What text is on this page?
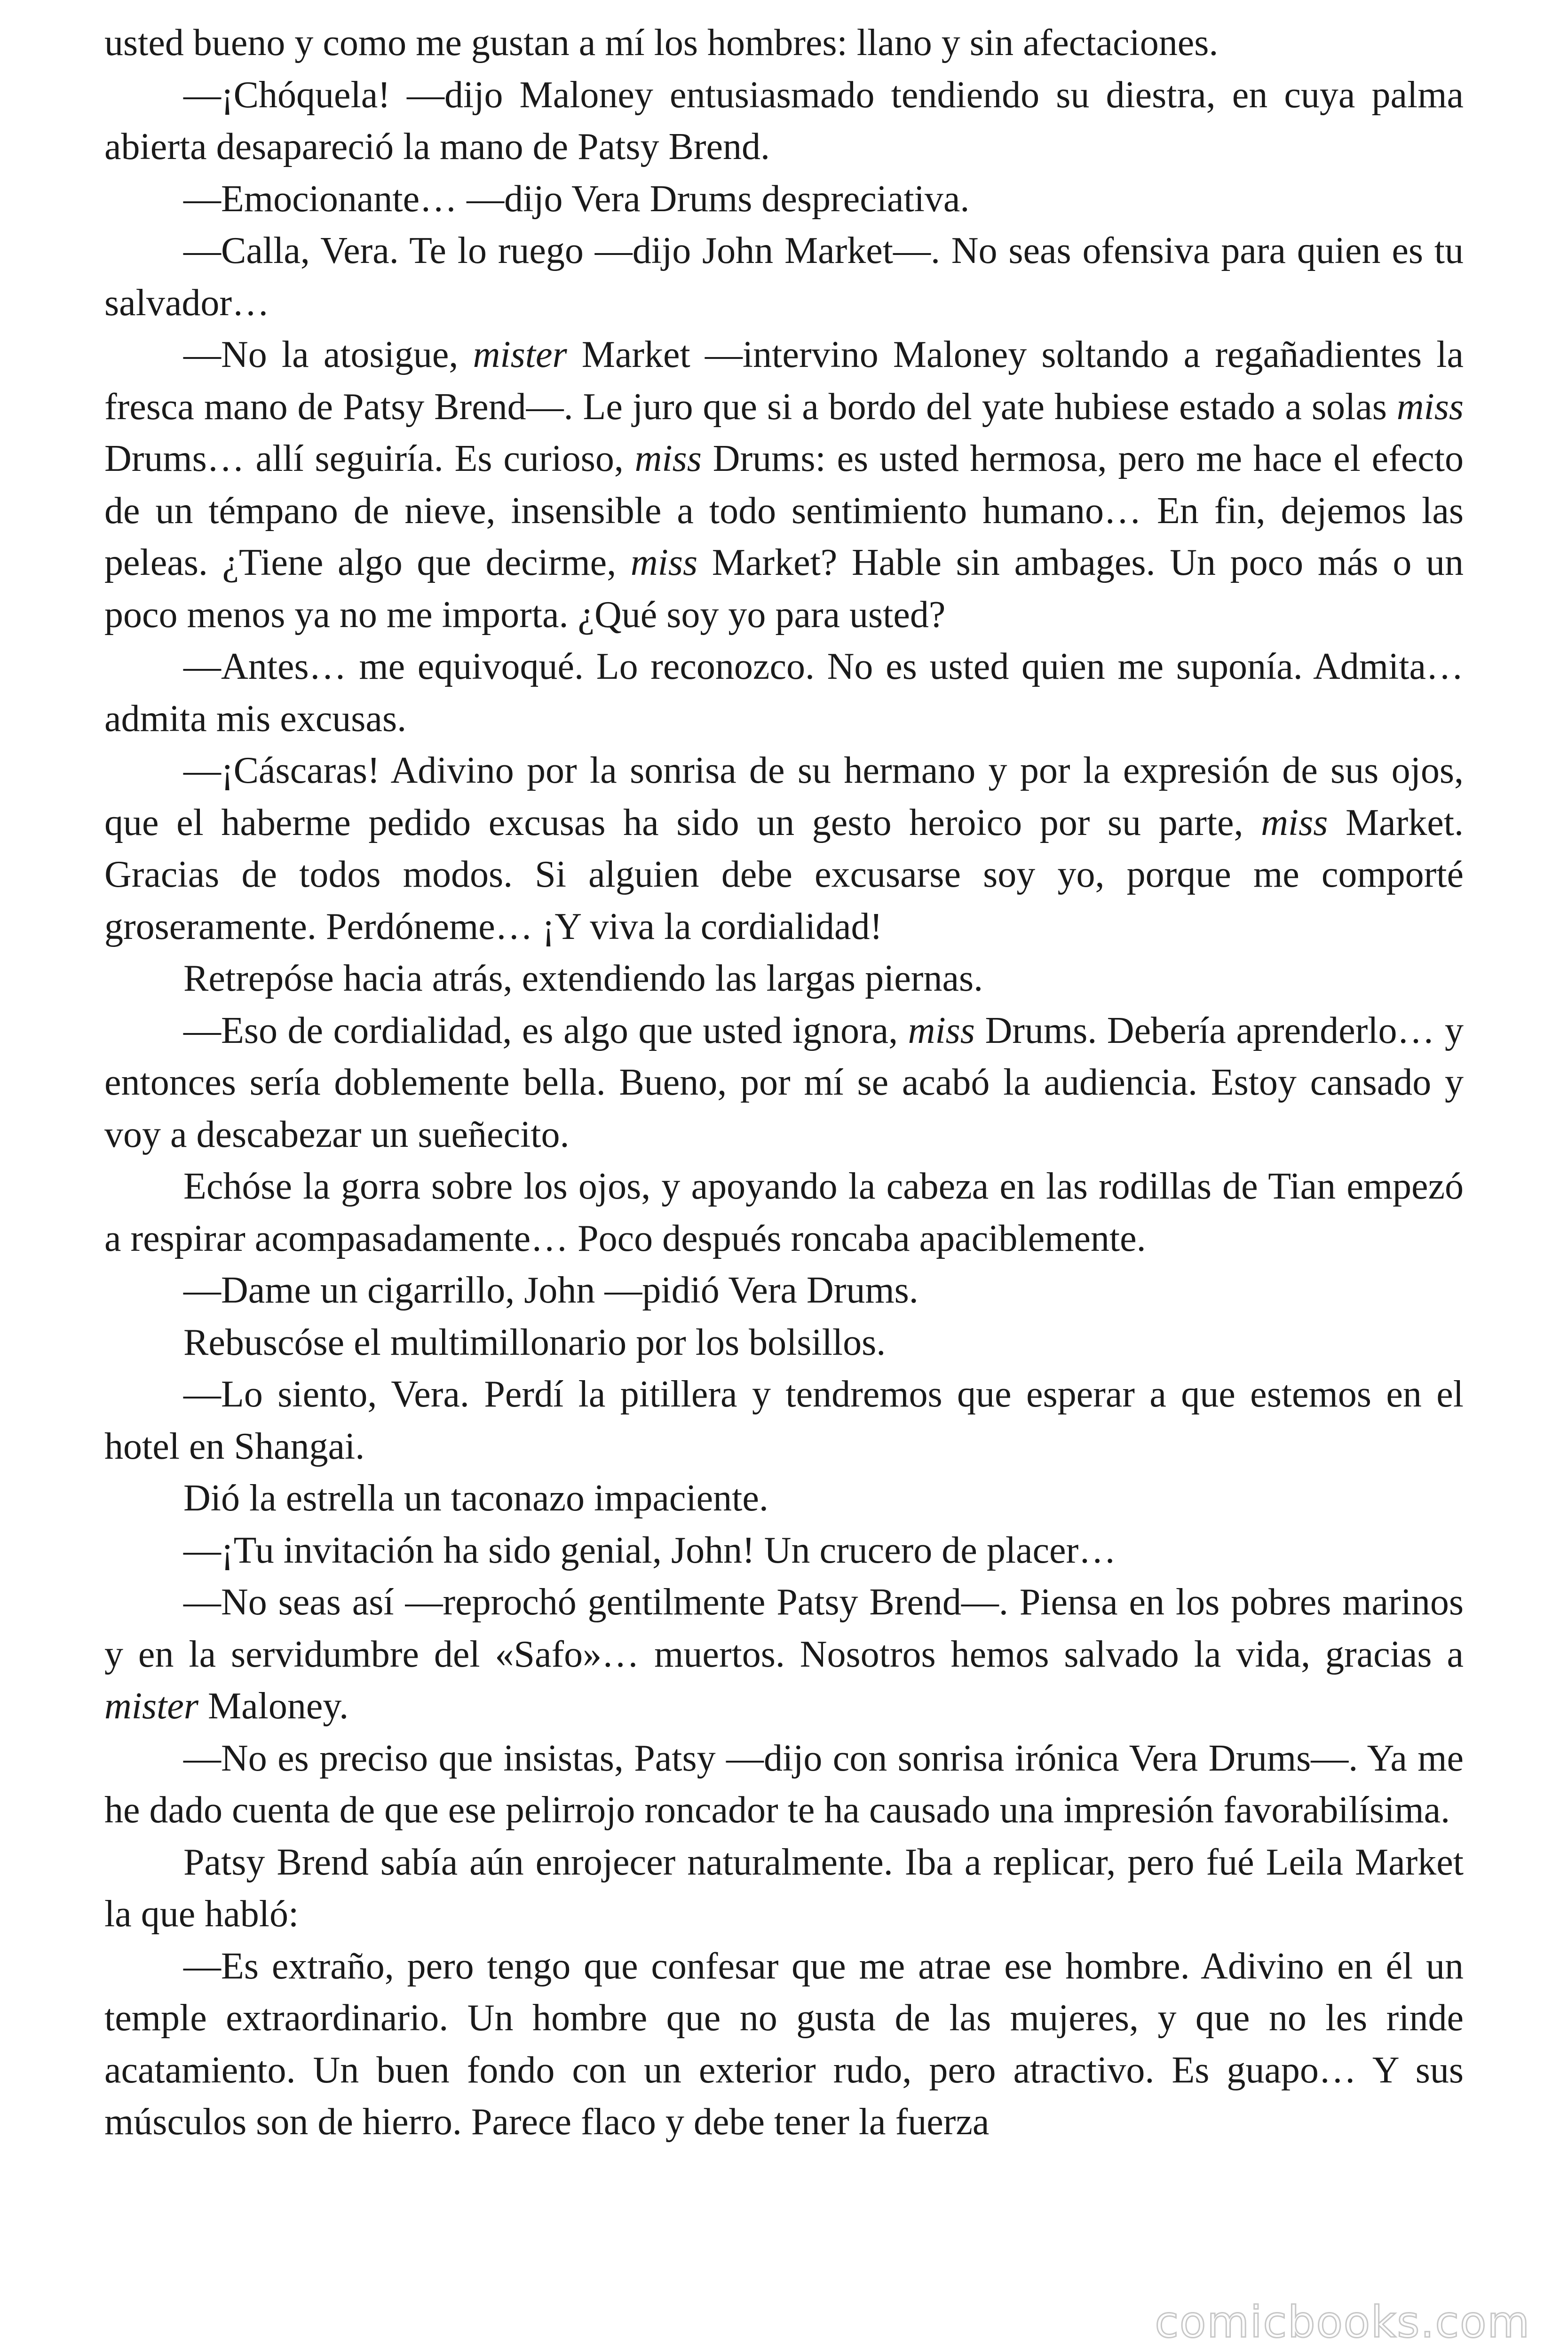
usted bueno y como me gustan a mí los hombres: llano y sin afectaciones.

—¡Chóquela! —dijo Maloney entusiasmado tendiendo su diestra, en cuya palma abierta desapareció la mano de Patsy Brend.

—Emocionante… —dijo Vera Drums despreciativa.

—Calla, Vera. Te lo ruego —dijo John Market—. No seas ofensiva para quien es tu salvador…

—No la atosigue, mister Market —intervino Maloney soltando a regañadientes la fresca mano de Patsy Brend—. Le juro que si a bordo del yate hubiese estado a solas miss Drums… allí seguiría. Es curioso, miss Drums: es usted hermosa, pero me hace el efecto de un témpano de nieve, insensible a todo sentimiento humano… En fin, dejemos las peleas. ¿Tiene algo que decirme, miss Market? Hable sin ambages. Un poco más o un poco menos ya no me importa. ¿Qué soy yo para usted?

—Antes… me equivoqué. Lo reconozco. No es usted quien me suponía. Admita… admita mis excusas.

—¡Cáscaras! Adivino por la sonrisa de su hermano y por la expresión de sus ojos, que el haberme pedido excusas ha sido un gesto heroico por su parte, miss Market. Gracias de todos modos. Si alguien debe excusarse soy yo, porque me comporté groseramente. Perdóneme… ¡Y viva la cordialidad!

Retrepóse hacia atrás, extendiendo las largas piernas.

—Eso de cordialidad, es algo que usted ignora, miss Drums. Debería aprenderlo… y entonces sería doblemente bella. Bueno, por mí se acabó la audiencia. Estoy cansado y voy a descabezar un sueñecito.

Echóse la gorra sobre los ojos, y apoyando la cabeza en las rodillas de Tian empezó a respirar acompasadamente… Poco después roncaba apaciblemente.

—Dame un cigarrillo, John —pidió Vera Drums.

Rebuscóse el multimillonario por los bolsillos.

—Lo siento, Vera. Perdí la pitillera y tendremos que esperar a que estemos en el hotel en Shangai.

Dió la estrella un taconazo impaciente.

—¡Tu invitación ha sido genial, John! Un crucero de placer…

—No seas así —reprochó gentilmente Patsy Brend—. Piensa en los pobres marinos y en la servidumbre del «Safo»… muertos. Nosotros hemos salvado la vida, gracias a mister Maloney.

—No es preciso que insistas, Patsy —dijo con sonrisa irónica Vera Drums—. Ya me he dado cuenta de que ese pelirrojo roncador te ha causado una impresión favorabilísima.

Patsy Brend sabía aún enrojecer naturalmente. Iba a replicar, pero fué Leila Market la que habló:

—Es extraño, pero tengo que confesar que me atrae ese hombre. Adivino en él un temple extraordinario. Un hombre que no gusta de las mujeres, y que no les rinde acatamiento. Un buen fondo con un exterior rudo, pero atractivo. Es guapo… Y sus músculos son de hierro. Parece flaco y debe tener la fuerza

comicbooks.com
